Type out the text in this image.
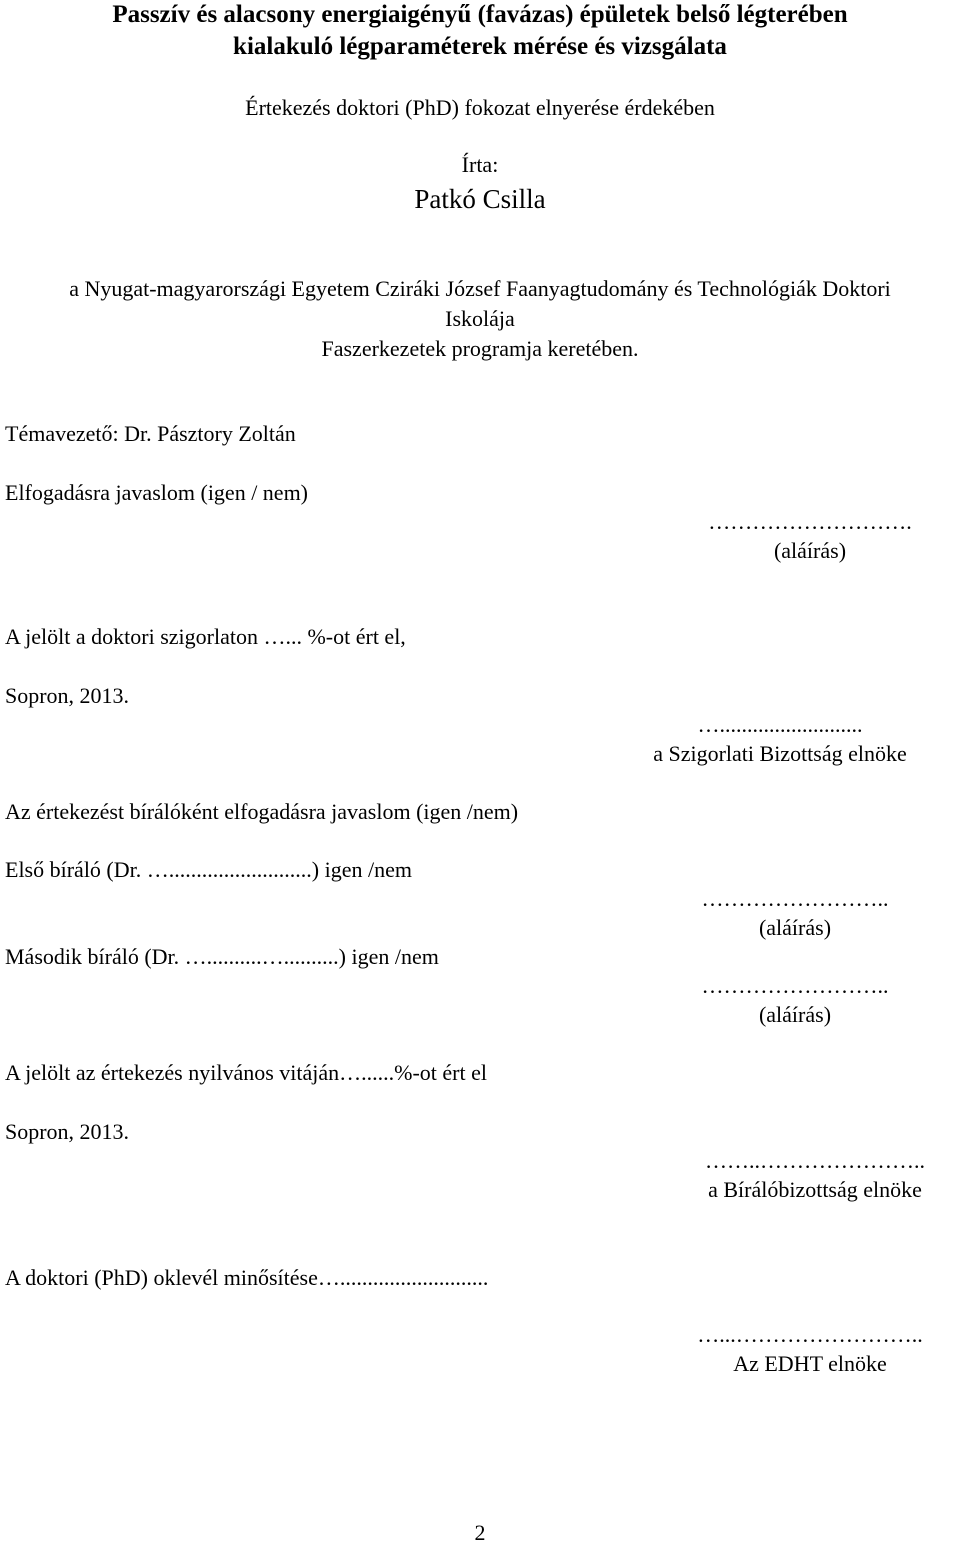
Passzív és alacsony energiaigényű (favázas) épületek belső légterében
kialakuló légparaméterek mérése és vizsgálata
Értekezés doktori (PhD) fokozat elnyerése érdekében
Írta:
Patkó Csilla
a Nyugat-magyarországi Egyetem Cziráki József Faanyagtudomány és Technológiák Doktori
Iskolája
Faszerkezetek programja keretében.
Témavezető: Dr. Pásztory Zoltán
Elfogadásra javaslom (igen / nem)
……………………….
(aláírás)
A jelölt a doktori szigorlaton …... %-ot ért el,
Sopron, 2013.
…..........................
a Szigorlati Bizottság elnöke
Az értekezést bírálóként elfogadásra javaslom (igen /nem)
Első bíráló (Dr. …..........................) igen /nem
……………………..
(aláírás)
Második bíráló (Dr. …..........…..........) igen /nem
……………………..
(aláírás)
A jelölt az értekezés nyilvános vitáján…......%-ot ért el
Sopron, 2013.
……..…………………..
a Bírálóbizottság elnöke
A doktori (PhD) oklevél minősítése…...........................
…...……………………..
Az EDHT elnöke
2
